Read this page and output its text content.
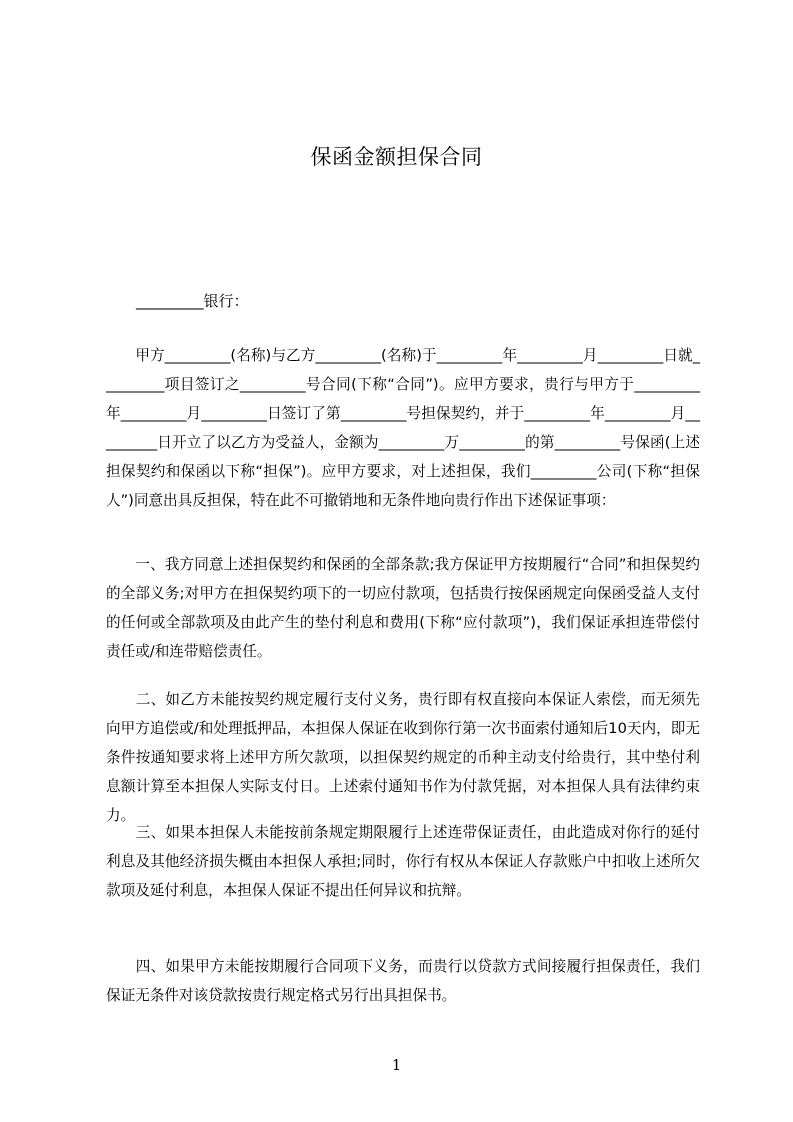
保函金额担保合同
_________银行：

　　甲方_________(名称)与乙方_________(名称)于_________年_________月_________日就_________项目签订之_________号合同(下称“合同”)。应甲方要求，贵行与甲方于_________年_________月_________日签订了第_________号担保契约，并于_________年_________月_________日开立了以乙方为受益人，金额为_________万_________的第_________号保函(上述担保契约和保函以下称“担保”)。应甲方要求，对上述担保，我们_________公司(下称“担保人”)同意出具反担保，特在此不可撤销地和无条件地向贵行作出下述保证事项：

　　一、我方同意上述担保契约和保函的全部条款;我方保证甲方按期履行“合同”和担保契约的全部义务;对甲方在担保契约项下的一切应付款项，包括贵行按保函规定向保函受益人支付的任何或全部款项及由此产生的垫付利息和费用(下称“应付款项”)，我们保证承担连带偿付责任或/和连带赔偿责任。

　　二、如乙方未能按契约规定履行支付义务，贵行即有权直接向本保证人索偿，而无须先向甲方追偿或/和处理抵押品，本担保人保证在收到你行第一次书面索付通知后10天内，即无条件按通知要求将上述甲方所欠款项，以担保契约规定的币种主动支付给贵行，其中垫付利息额计算至本担保人实际支付日。上述索付通知书作为付款凭据，对本担保人具有法律约束力。

　　三、如果本担保人未能按前条规定期限履行上述连带保证责任，由此造成对你行的延付利息及其他经济损失概由本担保人承担;同时，你行有权从本保证人存款账户中扣收上述所欠款项及延付利息，本担保人保证不提出任何异议和抗辩。

　　四、如果甲方未能按期履行合同项下义务，而贵行以贷款方式间接履行担保责任，我们保证无条件对该贷款按贵行规定格式另行出具担保书。

1
